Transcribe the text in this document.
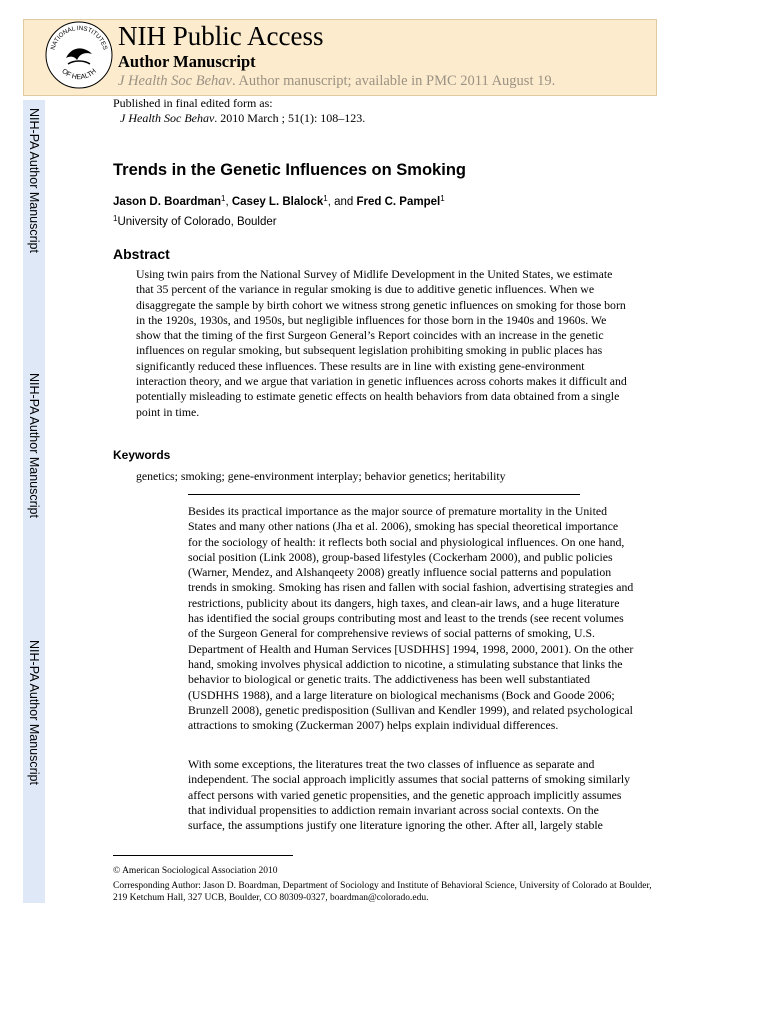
NATIONAL INSTITUTES
OF HEALTH
NIH Public Access
Author Manuscript
J Health Soc Behav. Author manuscript; available in PMC 2011 August 19.
NIH-PA Author Manuscript
NIH-PA Author Manuscript
NIH-PA Author Manuscript
Published in final edited form as:
J Health Soc Behav. 2010 March ; 51(1): 108–123.
Trends in the Genetic Influences on Smoking
Jason D. Boardman$^1$, Casey L. Blalock$^1$, and Fred C. Pampel$^1$
$^1$University of Colorado, Boulder
Abstract
Using twin pairs from the National Survey of Midlife Development in the United States, we estimate that 35 percent of the variance in regular smoking is due to additive genetic influences. When we disaggregate the sample by birth cohort we witness strong genetic influences on smoking for those born in the 1920s, 1930s, and 1950s, but negligible influences for those born in the 1940s and 1960s. We show that the timing of the first Surgeon General’s Report coincides with an increase in the genetic influences on regular smoking, but subsequent legislation prohibiting smoking in public places has significantly reduced these influences. These results are in line with existing gene-environment interaction theory, and we argue that variation in genetic influences across cohorts makes it difficult and potentially misleading to estimate genetic effects on health behaviors from data obtained from a single point in time.
Keywords
genetics; smoking; gene-environment interplay; behavior genetics; heritability
Besides its practical importance as the major source of premature mortality in the United States and many other nations (Jha et al. 2006), smoking has special theoretical importance for the sociology of health: it reflects both social and physiological influences. On one hand, social position (Link 2008), group-based lifestyles (Cockerham 2000), and public policies (Warner, Mendez, and Alshanqeety 2008) greatly influence social patterns and population trends in smoking. Smoking has risen and fallen with social fashion, advertising strategies and restrictions, publicity about its dangers, high taxes, and clean-air laws, and a huge literature has identified the social groups contributing most and least to the trends (see recent volumes of the Surgeon General for comprehensive reviews of social patterns of smoking, U.S. Department of Health and Human Services [USDHHS] 1994, 1998, 2000, 2001). On the other hand, smoking involves physical addiction to nicotine, a stimulating substance that links the behavior to biological or genetic traits. The addictiveness has been well substantiated (USDHHS 1988), and a large literature on biological mechanisms (Bock and Goode 2006; Brunzell 2008), genetic predisposition (Sullivan and Kendler 1999), and related psychological attractions to smoking (Zuckerman 2007) helps explain individual differences.
With some exceptions, the literatures treat the two classes of influence as separate and independent. The social approach implicitly assumes that social patterns of smoking similarly affect persons with varied genetic propensities, and the genetic approach implicitly assumes that individual propensities to addiction remain invariant across social contexts. On the surface, the assumptions justify one literature ignoring the other. After all, largely stable
© American Sociological Association 2010
Corresponding Author: Jason D. Boardman, Department of Sociology and Institute of Behavioral Science, University of Colorado at Boulder, 219 Ketchum Hall, 327 UCB, Boulder, CO 80309-0327, boardman@colorado.edu.
